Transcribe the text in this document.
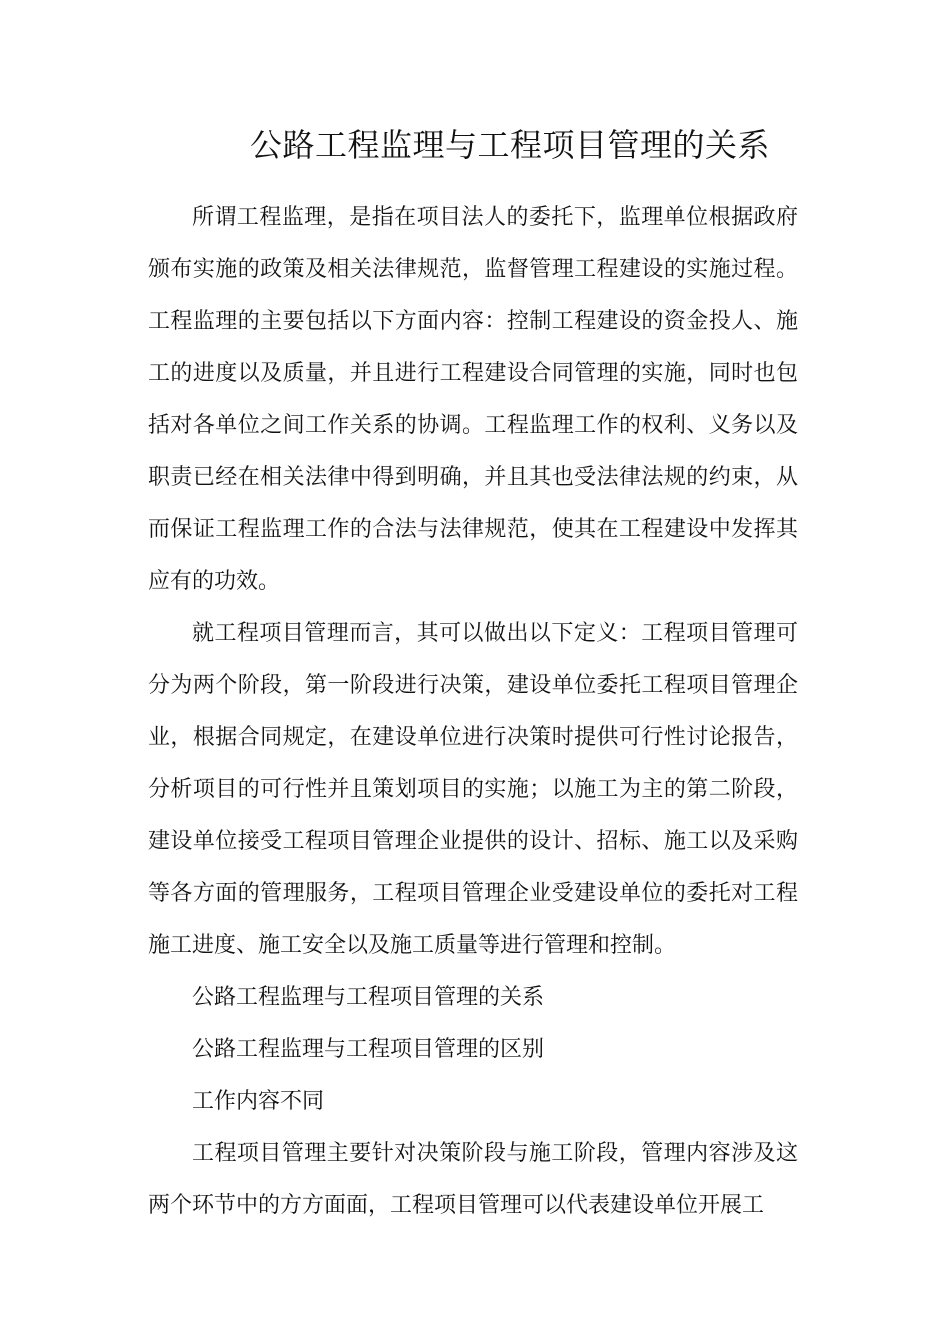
公路工程监理与工程项目管理的关系

所谓工程监理，是指在项目法人的委托下，监理单位根据政府颁布实施的政策及相关法律规范，监督管理工程建设的实施过程。工程监理的主要包括以下方面内容：控制工程建设的资金投人、施工的进度以及质量，并且进行工程建设合同管理的实施，同时也包括对各单位之间工作关系的协调。工程监理工作的权利、义务以及职责已经在相关法律中得到明确，并且其也受法律法规的约束，从而保证工程监理工作的合法与法律规范，使其在工程建设中发挥其应有的功效。

就工程项目管理而言，其可以做出以下定义：工程项目管理可分为两个阶段，第一阶段进行决策，建设单位委托工程项目管理企业，根据合同规定，在建设单位进行决策时提供可行性讨论报告，分析项目的可行性并且策划项目的实施；以施工为主的第二阶段，建设单位接受工程项目管理企业提供的设计、招标、施工以及采购等各方面的管理服务，工程项目管理企业受建设单位的委托对工程施工进度、施工安全以及施工质量等进行管理和控制。

公路工程监理与工程项目管理的关系

公路工程监理与工程项目管理的区别

工作内容不同

工程项目管理主要针对决策阶段与施工阶段，管理内容涉及这两个环节中的方方面面，工程项目管理可以代表建设单位开展工
